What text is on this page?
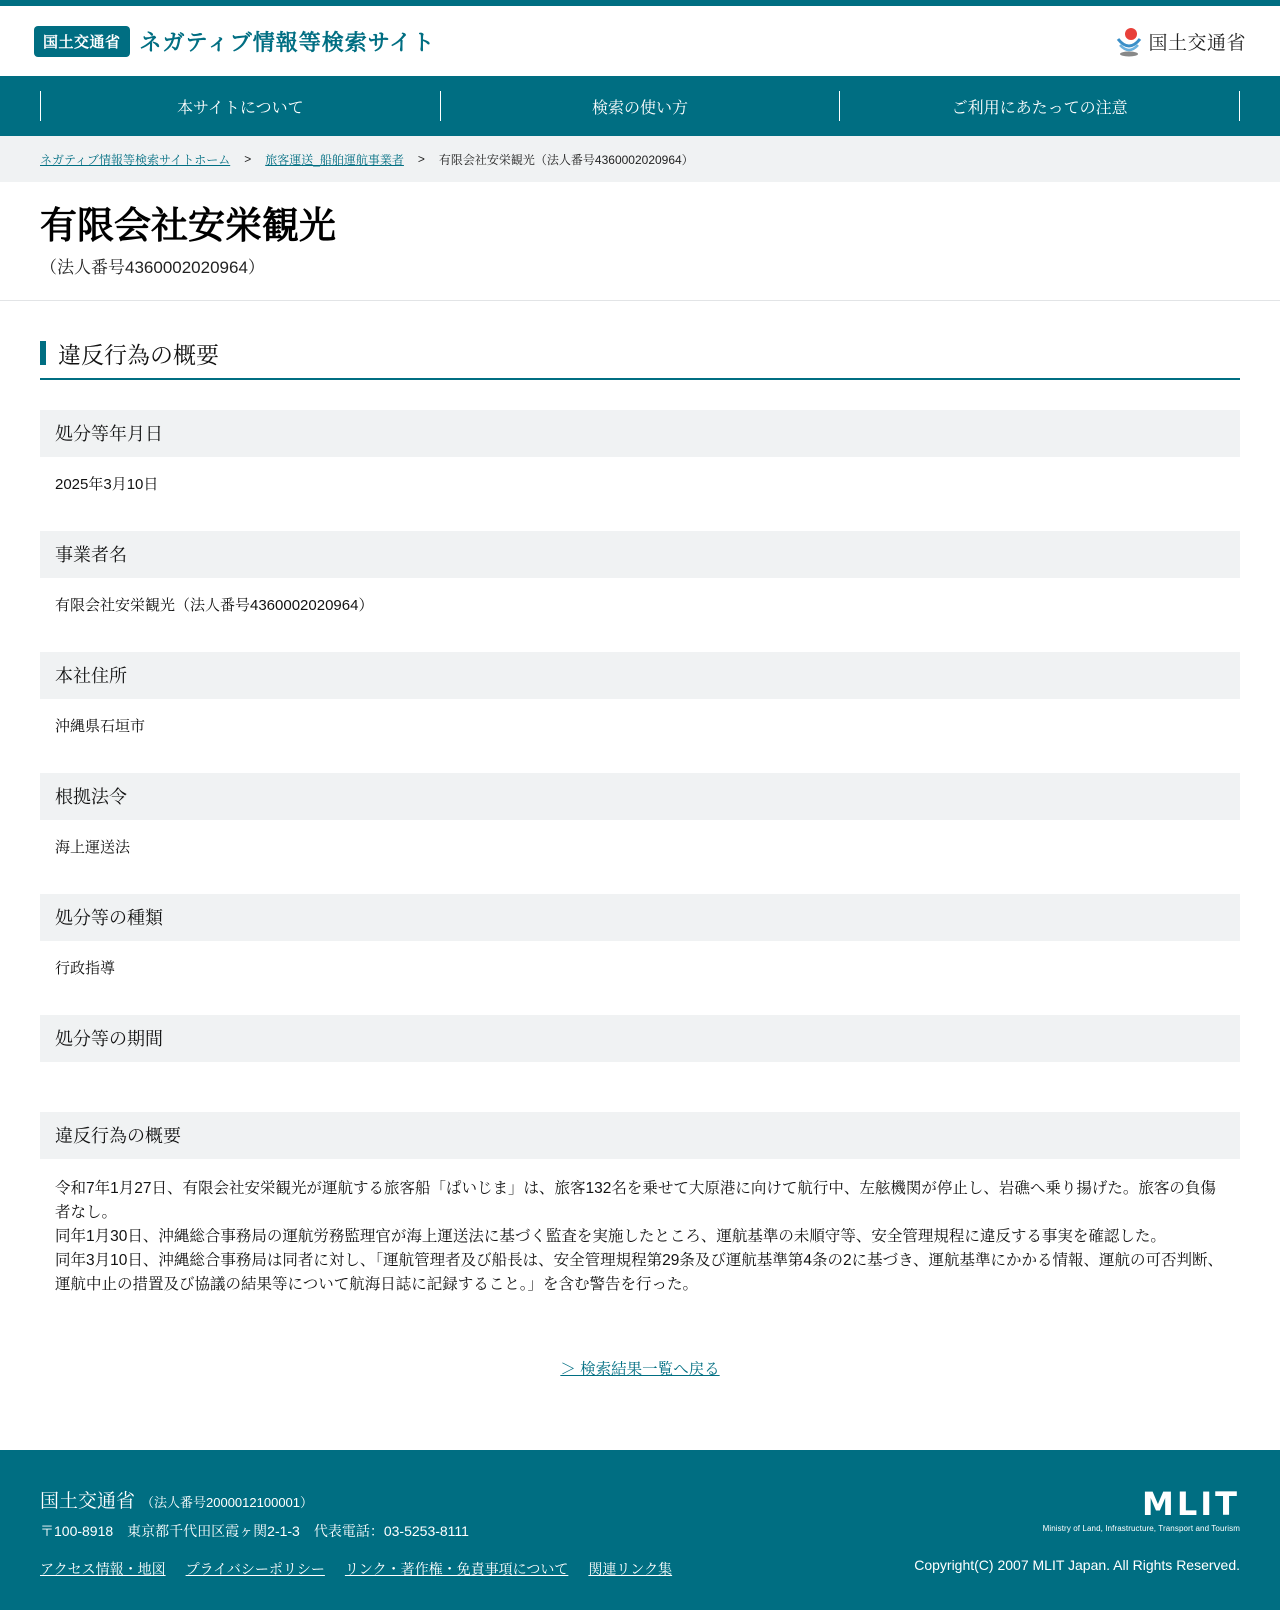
国土交通省 ネガティブ情報等検索サイト	国土交通省
本サイトについて	検索の使い方	ご利用にあたっての注意
ネガティブ情報等検索サイトホーム > 旅客運送_船舶運航事業者 > 有限会社安栄観光（法人番号4360002020964）
有限会社安栄観光
（法人番号4360002020964）
違反行為の概要
処分等年月日
2025年3月10日
事業者名
有限会社安栄観光（法人番号4360002020964）
本社住所
沖縄県石垣市
根拠法令
海上運送法
処分等の種類
行政指導
処分等の期間
違反行為の概要

令和7年1月27日、有限会社安栄観光が運航する旅客船「ぱいじま」は、旅客132名を乗せて大原港に向けて航行中、左舷機関が停止し、岩礁へ乗り揚げた。旅客の負傷者なし。

同年1月30日、沖縄総合事務局の運航労務監理官が海上運送法に基づく監査を実施したところ、運航基準の未順守等、安全管理規程に違反する事実を確認した。

同年3月10日、沖縄総合事務局は同者に対し、「運航管理者及び船長は、安全管理規程第29条及び運航基準第4条の2に基づき、運航基準にかかる情報、運航の可否判断、運航中止の措置及び協議の結果等について航海日誌に記録すること。」を含む警告を行った。

＞ 検索結果一覧へ戻る
国土交通省 （法人番号2000012100001）
〒100-8918　東京都千代田区霞ヶ関2-1-3　代表電話：03-5253-8111
アクセス情報・地図 プライバシーポリシー リンク・著作権・免責事項について 関連リンク集
MLIT
Ministry of Land, Infrastructure, Transport and Tourism
Copyright(C) 2007 MLIT Japan. All Rights Reserved.
